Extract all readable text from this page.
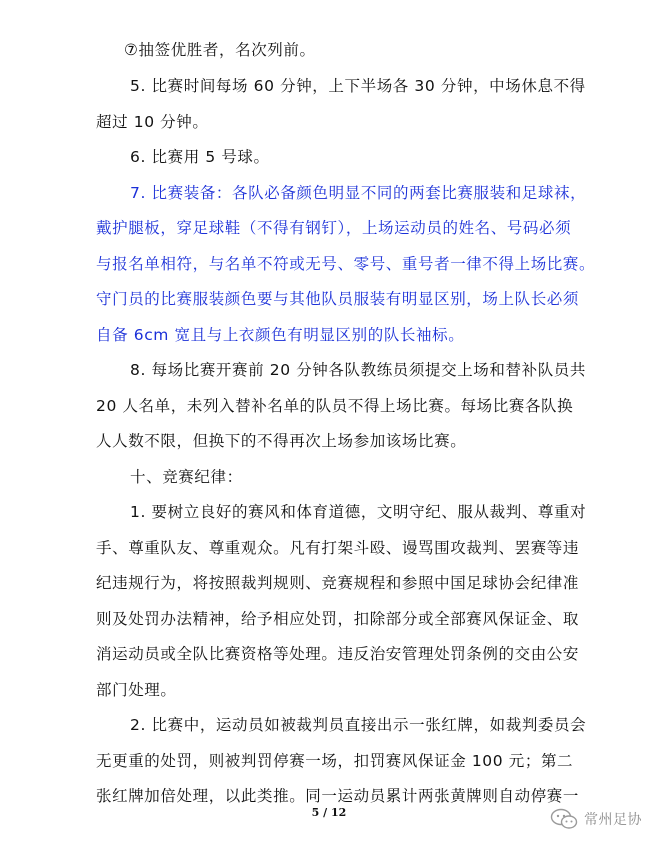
⑦抽签优胜者，名次列前。
5. 比赛时间每场 60 分钟，上下半场各 30 分钟，中场休息不得
超过 10 分钟。
6. 比赛用 5 号球。
7. 比赛装备：各队必备颜色明显不同的两套比赛服装和足球袜，
戴护腿板，穿足球鞋（不得有钢钉），上场运动员的姓名、号码必须
与报名单相符，与名单不符或无号、零号、重号者一律不得上场比赛。
守门员的比赛服装颜色要与其他队员服装有明显区别，场上队长必须
自备 6cm 宽且与上衣颜色有明显区别的队长袖标。
8. 每场比赛开赛前 20 分钟各队教练员须提交上场和替补队员共
20 人名单，未列入替补名单的队员不得上场比赛。每场比赛各队换
人人数不限，但换下的不得再次上场参加该场比赛。
十、竞赛纪律：
1. 要树立良好的赛风和体育道德，文明守纪、服从裁判、尊重对
手、尊重队友、尊重观众。凡有打架斗殴、谩骂围攻裁判、罢赛等违
纪违规行为，将按照裁判规则、竞赛规程和参照中国足球协会纪律准
则及处罚办法精神，给予相应处罚，扣除部分或全部赛风保证金、取
消运动员或全队比赛资格等处理。违反治安管理处罚条例的交由公安
部门处理。
2. 比赛中，运动员如被裁判员直接出示一张红牌，如裁判委员会
无更重的处罚，则被判罚停赛一场，扣罚赛风保证金 100 元；第二
张红牌加倍处理，以此类推。同一运动员累计两张黄牌则自动停赛一
5 / 12	常州足协
